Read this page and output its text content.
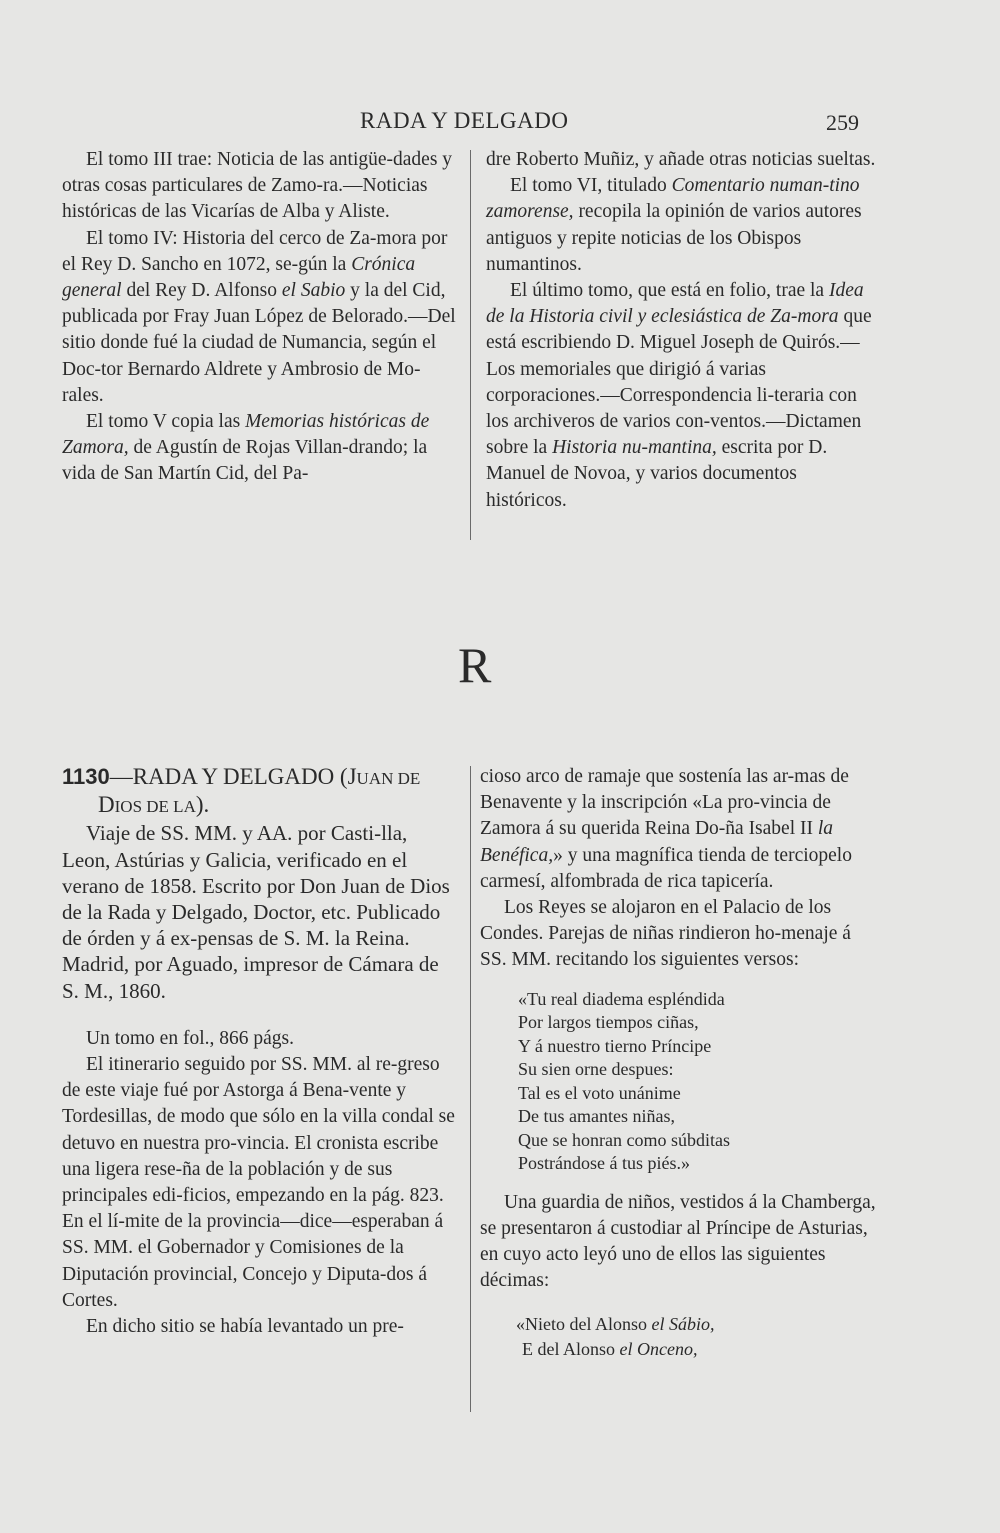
RADA Y DELGADO	259

El tomo III trae: Noticia de las antigüe-dades y otras cosas particulares de Zamo-ra.—Noticias históricas de las Vicarías de Alba y Aliste.

El tomo IV: Historia del cerco de Za-mora por el Rey D. Sancho en 1072, se-gún la Crónica general del Rey D. Alfonso el Sabio y la del Cid, publicada por Fray Juan López de Belorado.—Del sitio donde fué la ciudad de Numancia, según el Doc-tor Bernardo Aldrete y Ambrosio de Mo-rales.

El tomo V copia las Memorias históricas de Zamora, de Agustín de Rojas Villan-drando; la vida de San Martín Cid, del Pa-

dre Roberto Muñiz, y añade otras noticias sueltas.

El tomo VI, titulado Comentario numan-tino zamorense, recopila la opinión de varios autores antiguos y repite noticias de los Obispos numantinos.

El último tomo, que está en folio, trae la Idea de la Historia civil y eclesiástica de Za-mora que está escribiendo D. Miguel Joseph de Quirós.—Los memoriales que dirigió á varias corporaciones.—Correspondencia li-teraria con los archiveros de varios con-ventos.—Dictamen sobre la Historia nu-mantina, escrita por D. Manuel de Novoa, y varios documentos históricos.

R

1130—RADA Y DELGADO (JUAN DE
DIOS DE LA).

Viaje de SS. MM. y AA. por Casti-lla, Leon, Astúrias y Galicia, verificado en el verano de 1858. Escrito por Don Juan de Dios de la Rada y Delgado, Doctor, etc. Publicado de órden y á ex-pensas de S. M. la Reina. Madrid, por Aguado, impresor de Cámara de S. M., 1860.

Un tomo en fol., 866 págs.

El itinerario seguido por SS. MM. al re-greso de este viaje fué por Astorga á Bena-vente y Tordesillas, de modo que sólo en la villa condal se detuvo en nuestra pro-vincia. El cronista escribe una ligera rese-ña de la población y de sus principales edi-ficios, empezando en la pág. 823. En el lí-mite de la provincia—dice—esperaban á SS. MM. el Gobernador y Comisiones de la Diputación provincial, Concejo y Diputa-dos á Cortes.

En dicho sitio se había levantado un pre-

cioso arco de ramaje que sostenía las ar-mas de Benavente y la inscripción «La pro-vincia de Zamora á su querida Reina Do-ña Isabel II la Benéfica,» y una magnífica tienda de terciopelo carmesí, alfombrada de rica tapicería.

Los Reyes se alojaron en el Palacio de los Condes. Parejas de niñas rindieron ho-menaje á SS. MM. recitando los siguientes versos:

«Tu real diadema espléndida
Por largos tiempos ciñas,
Y á nuestro tierno Príncipe
Su sien orne despues:
Tal es el voto unánime
De tus amantes niñas,
Que se honran como súbditas
Postrándose á tus piés.»

Una guardia de niños, vestidos á la Chamberga, se presentaron á custodiar al Príncipe de Asturias, en cuyo acto leyó uno de ellos las siguientes décimas:

«Nieto del Alonso el Sábio,
E del Alonso el Onceno,
